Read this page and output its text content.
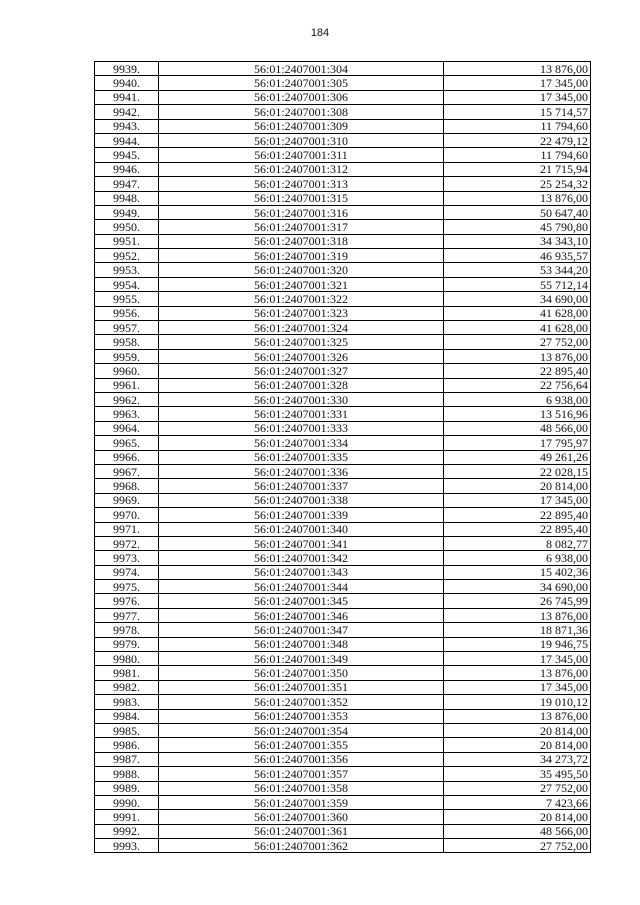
184
9939.	56:01:2407001:304	13 876,00
9940.	56:01:2407001:305	17 345,00
9941.	56:01:2407001:306	17 345,00
9942.	56:01:2407001:308	15 714,57
9943.	56:01:2407001:309	11 794,60
9944.	56:01:2407001:310	22 479,12
9945.	56:01:2407001:311	11 794,60
9946.	56:01:2407001:312	21 715,94
9947.	56:01:2407001:313	25 254,32
9948.	56:01:2407001:315	13 876,00
9949.	56:01:2407001:316	50 647,40
9950.	56:01:2407001:317	45 790,80
9951.	56:01:2407001:318	34 343,10
9952.	56:01:2407001:319	46 935,57
9953.	56:01:2407001:320	53 344,20
9954.	56:01:2407001:321	55 712,14
9955.	56:01:2407001:322	34 690,00
9956.	56:01:2407001:323	41 628,00
9957.	56:01:2407001:324	41 628,00
9958.	56:01:2407001:325	27 752,00
9959.	56:01:2407001:326	13 876,00
9960.	56:01:2407001:327	22 895,40
9961.	56:01:2407001:328	22 756,64
9962.	56:01:2407001:330	6 938,00
9963.	56:01:2407001:331	13 516,96
9964.	56:01:2407001:333	48 566,00
9965.	56:01:2407001:334	17 795,97
9966.	56:01:2407001:335	49 261,26
9967.	56:01:2407001:336	22 028,15
9968.	56:01:2407001:337	20 814,00
9969.	56:01:2407001:338	17 345,00
9970.	56:01:2407001:339	22 895,40
9971.	56:01:2407001:340	22 895,40
9972.	56:01:2407001:341	8 082,77
9973.	56:01:2407001:342	6 938,00
9974.	56:01:2407001:343	15 402,36
9975.	56:01:2407001:344	34 690,00
9976.	56:01:2407001:345	26 745,99
9977.	56:01:2407001:346	13 876,00
9978.	56:01:2407001:347	18 871,36
9979.	56:01:2407001:348	19 946,75
9980.	56:01:2407001:349	17 345,00
9981.	56:01:2407001:350	13 876,00
9982.	56:01:2407001:351	17 345,00
9983.	56:01:2407001:352	19 010,12
9984.	56:01:2407001:353	13 876,00
9985.	56:01:2407001:354	20 814,00
9986.	56:01:2407001:355	20 814,00
9987.	56:01:2407001:356	34 273,72
9988.	56:01:2407001:357	35 495,50
9989.	56:01:2407001:358	27 752,00
9990.	56:01:2407001:359	7 423,66
9991.	56:01:2407001:360	20 814,00
9992.	56:01:2407001:361	48 566,00
9993.	56:01:2407001:362	27 752,00
